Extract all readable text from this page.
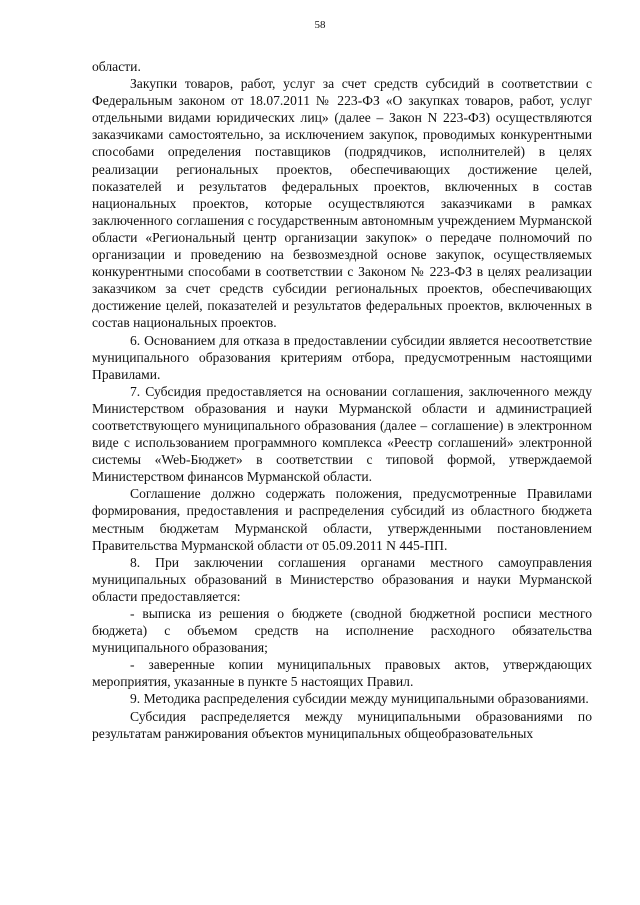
58

области.

Закупки товаров, работ, услуг за счет средств субсидий в соответствии с Федеральным законом от 18.07.2011 № 223-ФЗ «О закупках товаров, работ, услуг отдельными видами юридических лиц» (далее – Закон N 223-ФЗ) осуществляются заказчиками самостоятельно, за исключением закупок, проводимых конкурентными способами определения поставщиков (подрядчиков, исполнителей) в целях реализации региональных проектов, обеспечивающих достижение целей, показателей и результатов федеральных проектов, включенных в состав национальных проектов, которые осуществляются заказчиками в рамках заключенного соглашения с государственным автономным учреждением Мурманской области «Региональный центр организации закупок» о передаче полномочий по организации и проведению на безвозмездной основе закупок, осуществляемых конкурентными способами в соответствии с Законом № 223-ФЗ в целях реализации заказчиком за счет средств субсидии региональных проектов, обеспечивающих достижение целей, показателей и результатов федеральных проектов, включенных в состав национальных проектов.

6. Основанием для отказа в предоставлении субсидии является несоответствие муниципального образования критериям отбора, предусмотренным настоящими Правилами.

7. Субсидия предоставляется на основании соглашения, заключенного между Министерством образования и науки Мурманской области и администрацией соответствующего муниципального образования (далее – соглашение) в электронном виде с использованием программного комплекса «Реестр соглашений» электронной системы «Web-Бюджет» в соответствии с типовой формой, утверждаемой Министерством финансов Мурманской области.

Соглашение должно содержать положения, предусмотренные Правилами формирования, предоставления и распределения субсидий из областного бюджета местным бюджетам Мурманской области, утвержденными постановлением Правительства Мурманской области от 05.09.2011 N 445-ПП.

8. При заключении соглашения органами местного самоуправления муниципальных образований в Министерство образования и науки Мурманской области предоставляется:

- выписка из решения о бюджете (сводной бюджетной росписи местного бюджета) с объемом средств на исполнение расходного обязательства муниципального образования;

- заверенные копии муниципальных правовых актов, утверждающих мероприятия, указанные в пункте 5 настоящих Правил.

9. Методика распределения субсидии между муниципальными образованиями.

Субсидия распределяется между муниципальными образованиями по результатам ранжирования объектов муниципальных общеобразовательных
